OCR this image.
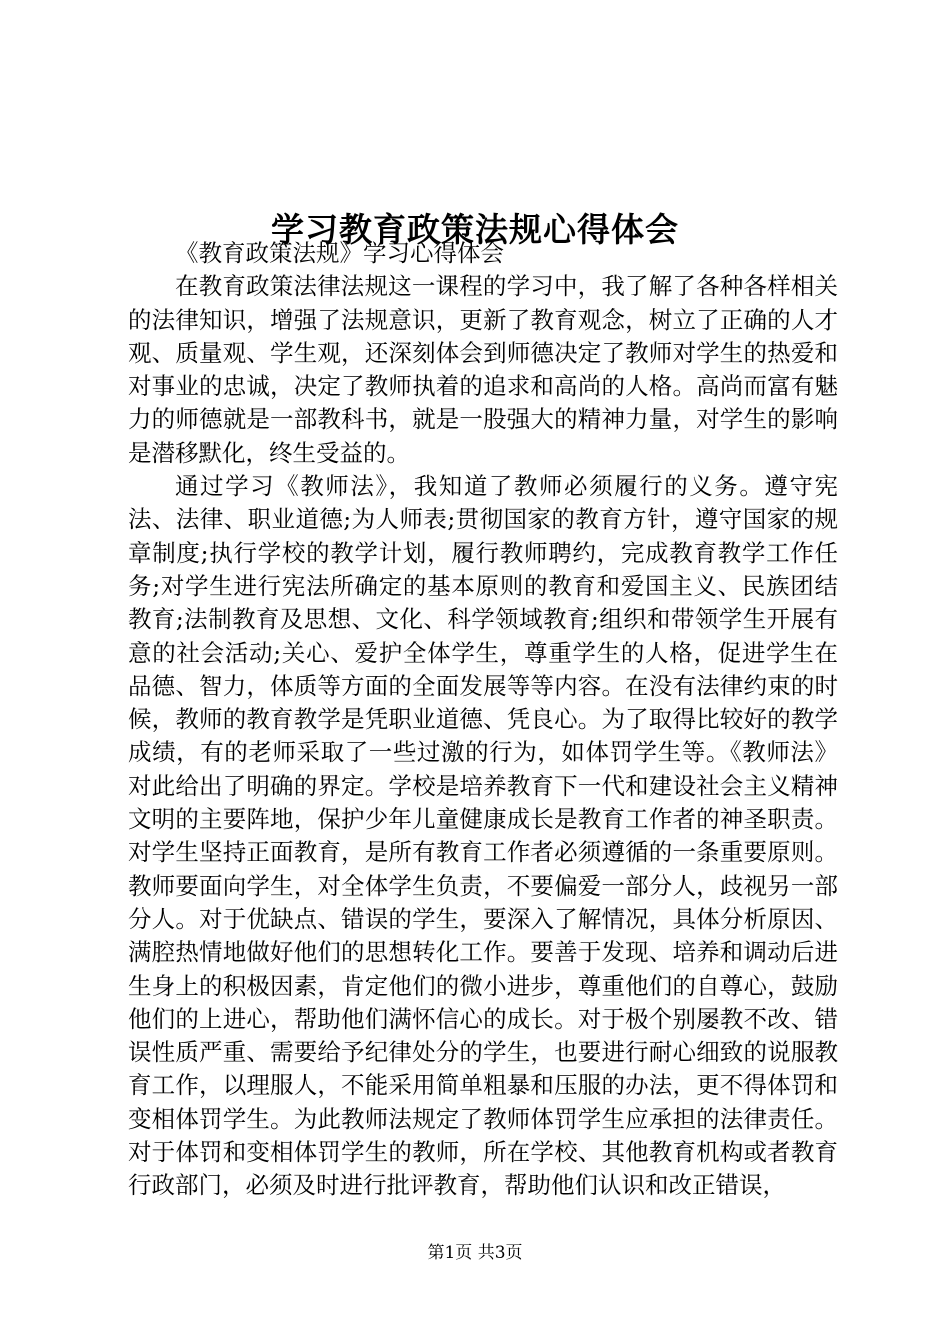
学习教育政策法规心得体会

《教育政策法规》学习心得体会

在教育政策法律法规这一课程的学习中，我了解了各种各样相关的法律知识，增强了法规意识，更新了教育观念，树立了正确的人才观、质量观、学生观，还深刻体会到师德决定了教师对学生的热爱和对事业的忠诚，决定了教师执着的追求和高尚的人格。高尚而富有魅力的师德就是一部教科书，就是一股强大的精神力量，对学生的影响是潜移默化，终生受益的。

通过学习《教师法》，我知道了教师必须履行的义务。遵守宪法、法律、职业道德;为人师表;贯彻国家的教育方针，遵守国家的规章制度;执行学校的教学计划，履行教师聘约，完成教育教学工作任务;对学生进行宪法所确定的基本原则的教育和爱国主义、民族团结教育;法制教育及思想、文化、科学领域教育;组织和带领学生开展有意的社会活动;关心、爱护全体学生，尊重学生的人格，促进学生在品德、智力，体质等方面的全面发展等等内容。在没有法律约束的时候，教师的教育教学是凭职业道德、凭良心。为了取得比较好的教学成绩，有的老师采取了一些过激的行为，如体罚学生等。《教师法》对此给出了明确的界定。学校是培养教育下一代和建设社会主义精神文明的主要阵地，保护少年儿童健康成长是教育工作者的神圣职责。对学生坚持正面教育，是所有教育工作者必须遵循的一条重要原则。教师要面向学生，对全体学生负责，不要偏爱一部分人，歧视另一部分人。对于优缺点、错误的学生，要深入了解情况，具体分析原因、满腔热情地做好他们的思想转化工作。要善于发现、培养和调动后进生身上的积极因素，肯定他们的微小进步，尊重他们的自尊心，鼓励他们的上进心，帮助他们满怀信心的成长。对于极个别屡教不改、错误性质严重、需要给予纪律处分的学生，也要进行耐心细致的说服教育工作，以理服人，不能采用简单粗暴和压服的办法，更不得体罚和变相体罚学生。为此教师法规定了教师体罚学生应承担的法律责任。对于体罚和变相体罚学生的教师，所在学校、其他教育机构或者教育行政部门，必须及时进行批评教育，帮助他们认识和改正错误，

第1页 共3页
